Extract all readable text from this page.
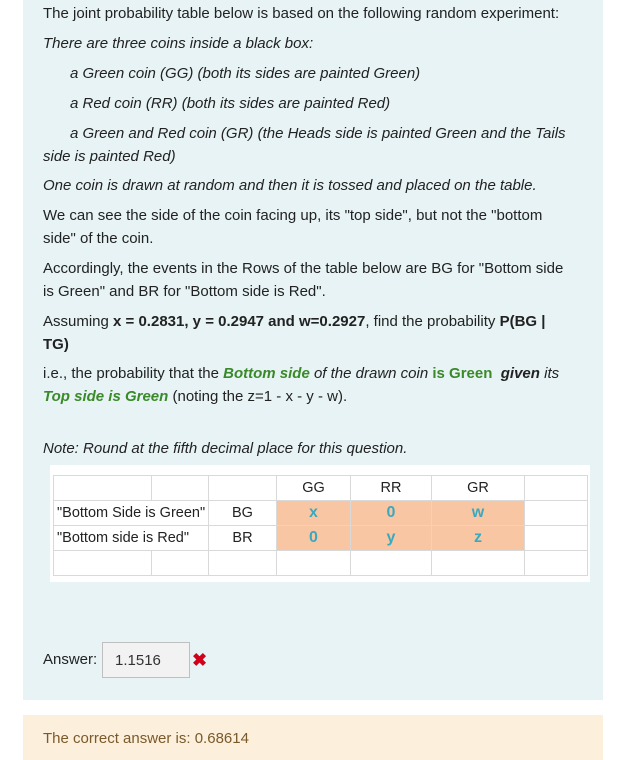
The joint probability table below is based on the following random experiment:

There are three coins inside a black box:

a Green coin (GG) (both its sides are painted Green)

a Red coin (RR) (both its sides are painted Red)

a Green and Red coin (GR) (the Heads side is painted Green and the Tails
side is painted Red)

One coin is drawn at random and then it is tossed and placed on the table.

We can see the side of the coin facing up, its "top side", but not the "bottom
side" of the coin.

Accordingly, the events in the Rows of the table below are BG for "Bottom side
is Green" and BR for "Bottom side is Red".

Assuming x = 0.2831, y = 0.2947 and w=0.2927, find the probability P(BG |
TG)

i.e., the probability that the Bottom side of the drawn coin is Green given its
Top side is Green (noting the z=1 - x - y - w).

Note: Round at the fifth decimal place for this question.

			GG	RR	GR	
"Bottom Side is Green"		BG	x	0	w	
"Bottom side is Red"		BR	0	y	z	

Answer:
1.1516	✖
The correct answer is: 0.68614
